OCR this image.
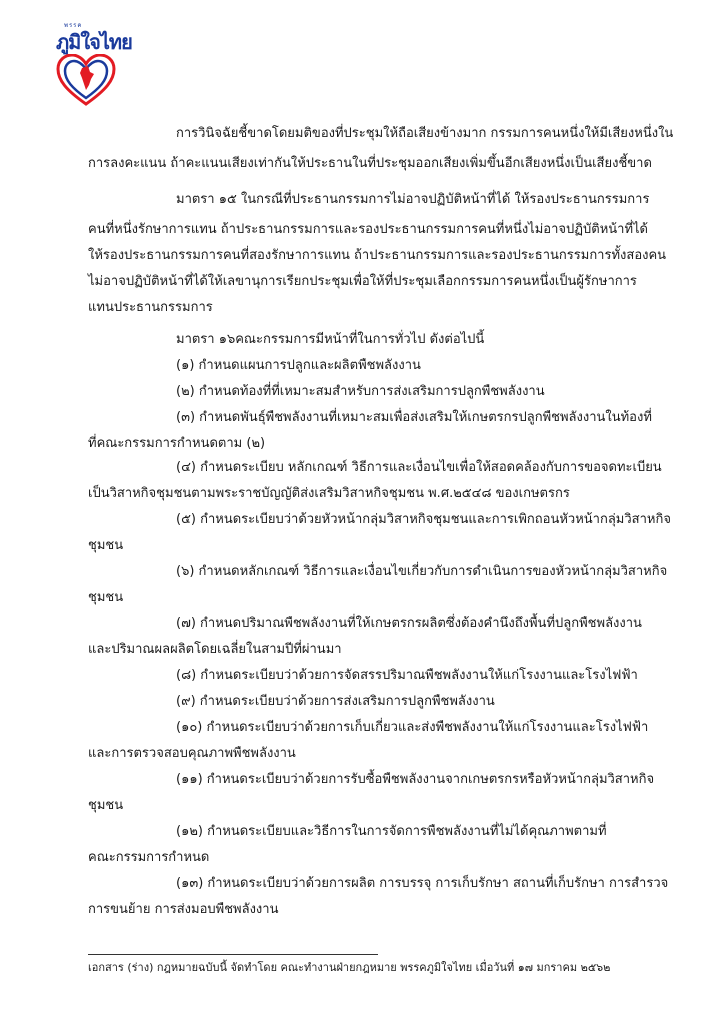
พรรค
ภูมิใจไทย
การวินิจฉัยชี้ขาดโดยมติของที่ประชุมให้ถือเสียงข้างมาก กรรมการคนหนึ่งให้มีเสียงหนึ่งใน
การลงคะแนน ถ้าคะแนนเสียงเท่ากันให้ประธานในที่ประชุมออกเสียงเพิ่มขึ้นอีกเสียงหนึ่งเป็นเสียงชี้ขาด
มาตรา ๑๕ ในกรณีที่ประธานกรรมการไม่อาจปฏิบัติหน้าที่ได้ ให้รองประธานกรรมการ
คนที่หนึ่งรักษาการแทน ถ้าประธานกรรมการและรองประธานกรรมการคนที่หนึ่งไม่อาจปฏิบัติหน้าที่ได้
ให้รองประธานกรรมการคนที่สองรักษาการแทน ถ้าประธานกรรมการและรองประธานกรรมการทั้งสองคน
ไม่อาจปฏิบัติหน้าที่ได้ให้เลขานุการเรียกประชุมเพื่อให้ที่ประชุมเลือกกรรมการคนหนึ่งเป็นผู้รักษาการ
แทนประธานกรรมการ
มาตรา ๑๖คณะกรรมการมีหน้าที่ในการทั่วไป ดังต่อไปนี้
(๑) กำหนดแผนการปลูกและผลิตพืชพลังงาน
(๒) กำหนดท้องที่ที่เหมาะสมสำหรับการส่งเสริมการปลูกพืชพลังงาน
(๓) กำหนดพันธุ์พืชพลังงานที่เหมาะสมเพื่อส่งเสริมให้เกษตรกรปลูกพืชพลังงานในท้องที่
ที่คณะกรรมการกำหนดตาม (๒)
(๔) กำหนดระเบียบ หลักเกณฑ์ วิธีการและเงื่อนไขเพื่อให้สอดคล้องกับการขอจดทะเบียน
เป็นวิสาหกิจชุมชนตามพระราชบัญญัติส่งเสริมวิสาหกิจชุมชน พ.ศ.๒๕๔๘ ของเกษตรกร
(๕) กำหนดระเบียบว่าด้วยหัวหน้ากลุ่มวิสาหกิจชุมชนและการเพิกถอนหัวหน้ากลุ่มวิสาหกิจ
ชุมชน
(๖) กำหนดหลักเกณฑ์ วิธีการและเงื่อนไขเกี่ยวกับการดำเนินการของหัวหน้ากลุ่มวิสาหกิจ
ชุมชน
(๗) กำหนดปริมาณพืชพลังงานที่ให้เกษตรกรผลิตซึ่งต้องคำนึงถึงพื้นที่ปลูกพืชพลังงาน
และปริมาณผลผลิตโดยเฉลี่ยในสามปีที่ผ่านมา
(๘) กำหนดระเบียบว่าด้วยการจัดสรรปริมาณพืชพลังงานให้แก่โรงงานและโรงไฟฟ้า
(๙) กำหนดระเบียบว่าด้วยการส่งเสริมการปลูกพืชพลังงาน
(๑๐) กำหนดระเบียบว่าด้วยการเก็บเกี่ยวและส่งพืชพลังงานให้แก่โรงงานและโรงไฟฟ้า
และการตรวจสอบคุณภาพพืชพลังงาน
(๑๑) กำหนดระเบียบว่าด้วยการรับซื้อพืชพลังงานจากเกษตรกรหรือหัวหน้ากลุ่มวิสาหกิจ
ชุมชน
(๑๒) กำหนดระเบียบและวิธีการในการจัดการพืชพลังงานที่ไม่ได้คุณภาพตามที่
คณะกรรมการกำหนด
(๑๓) กำหนดระเบียบว่าด้วยการผลิต การบรรจุ การเก็บรักษา สถานที่เก็บรักษา การสำรวจ
การขนย้าย การส่งมอบพืชพลังงาน
เอกสาร (ร่าง) กฎหมายฉบับนี้ จัดทำโดย คณะทำงานฝ่ายกฎหมาย พรรคภูมิใจไทย เมื่อวันที่ ๑๗ มกราคม ๒๕๖๒
